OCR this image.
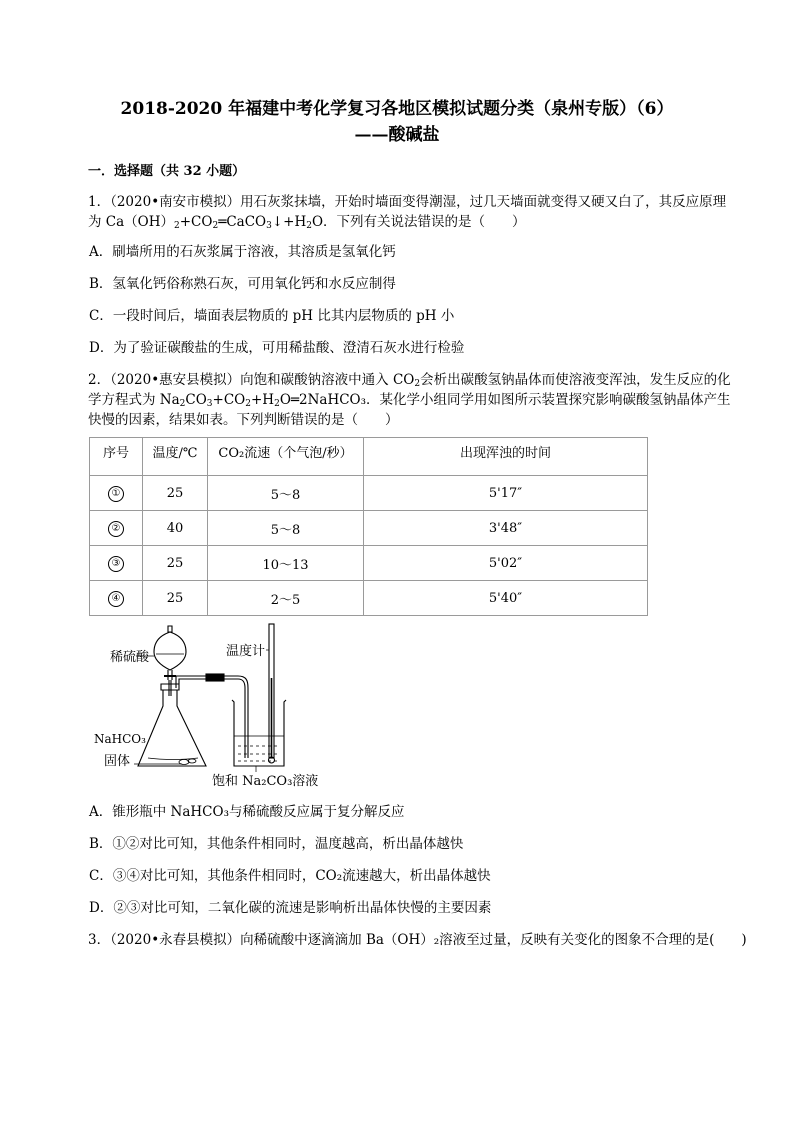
2018-2020 年福建中考化学复习各地区模拟试题分类（泉州专版）（6）
——酸碱盐
一．选择题（共 32 小题）
1．（2020•南安市模拟）用石灰浆抹墙，开始时墙面变得潮湿，过几天墙面就变得又硬又白了，其反应原理
为 $Ca(OH)_2+CO_2═CaCO_3↓+H_2O$．下列有关说法错误的是（　　）
A．刷墙所用的石灰浆属于溶液，其溶质是氢氧化钙
B．氢氧化钙俗称熟石灰，可用氧化钙和水反应制得
C．一段时间后，墙面表层物质的 pH 比其内层物质的 pH 小
D．为了验证碳酸盐的生成，可用稀盐酸、澄清石灰水进行检验
2．（2020•惠安县模拟）向饱和碳酸钠溶液中通入 $CO_2$会析出碳酸氢钠晶体而使溶液变浑浊，发生反应的化
学方程式为 $Na_2CO_3+CO_2+H_2O═2NaHCO_3$．某化学小组同学用如图所示装置探究影响碳酸氢钠晶体产生
快慢的因素，结果如表。下列判断错误的是（　　）
序号	温度/℃	CO₂流速（个气泡/秒）	出现浑浊的时间
①	25	5～8	5'17″
②	40	5～8	3'48″
③	25	10～13	5'02″
④	25	2～5	5'40″
稀硫酸	温度计
NaHCO₃
固体
饱和 Na₂CO₃溶液
A．锥形瓶中 NaHCO₃与稀硫酸反应属于复分解反应
B．①②对比可知，其他条件相同时，温度越高，析出晶体越快
C．③④对比可知，其他条件相同时，CO₂流速越大，析出晶体越快
D．②③对比可知，二氧化碳的流速是影响析出晶体快慢的主要因素
3．（2020•永春县模拟）向稀硫酸中逐滴滴加 Ba（OH）₂溶液至过量，反映有关变化的图象不合理的是(　　)
